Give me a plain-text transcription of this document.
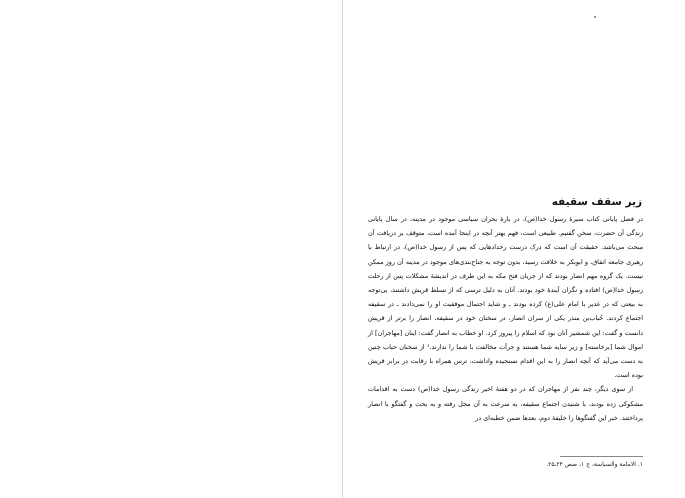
زیر سقف سقیفه

در فصل پایانی کتاب سیرهٔ رسول خدا(ص)، در بارهٔ بحران سیاسی موجود در مدینه، در سال پایانی زندگی آن حضرت، سخن گفتیم. طبیعی است، فهم بهتر آنچه در اینجا آمده است، متوقف بر دریافت آن مبحث می‌باشد. حقیقت آن است که درک درست رخدادهایی که پس از رسول خدا(ص)، در ارتباط با رهبری جامعه اتفاق، و ابوبکر به خلافت رسید، بدون توجه به جناح‌بندی‌های موجود در مدینه آن روز ممکن نیست. یک گروه مهم انصار بودند که از جریان فتح مکه به این طرف در اندیشهٔ مشکلات پس از رحلت رسول خدا(ص) افتاده و نگران آیندهٔ خود بودند. آنان به دلیل ترسی که از تسلط قریش داشتند، بی‌توجه به بیعتی که در غدیر با امام علی(ع) کرده بودند ـ و شاید احتمال موفقیت او را نمی‌دادند ـ در سقیفه اجتماع کردند. حُباب‌بن منذر یکی از سران انصار، در سخنان خود در سقیفه، انصار را برتر از قریش دانست و گفت: این شمشیر آنان بود که اسلام را پیروز کرد. او خطاب به انصار گفت: اینان [مهاجران] از اموال شما [برخاسته] و زیر سایه شما هستند و جرأت مخالفت با شما را ندارند.¹ از سخنان حباب چنین به دست می‌آید که آنچه انصار را به این اقدام نسنجیده واداشت، ترس همراه با رقابت در برابر قریش بوده است.

از سوی دیگر، چند نفر از مهاجران که در دو هفتهٔ اخیر زندگی رسول خدا(ص) دست به اقدامات مشکوکی زده بودند، با شنیدن اجتماع سقیفه، به سرعت به آن محل رفته و به بحث و گفتگو با انصار پرداختند. خبر این گفتگوها را خلیفهٔ دوم، بعدها ضمن خطبه‌ای در

۱. الامامة والسیاسة، ج ۱، صص ۲۴ـ۲۵.
